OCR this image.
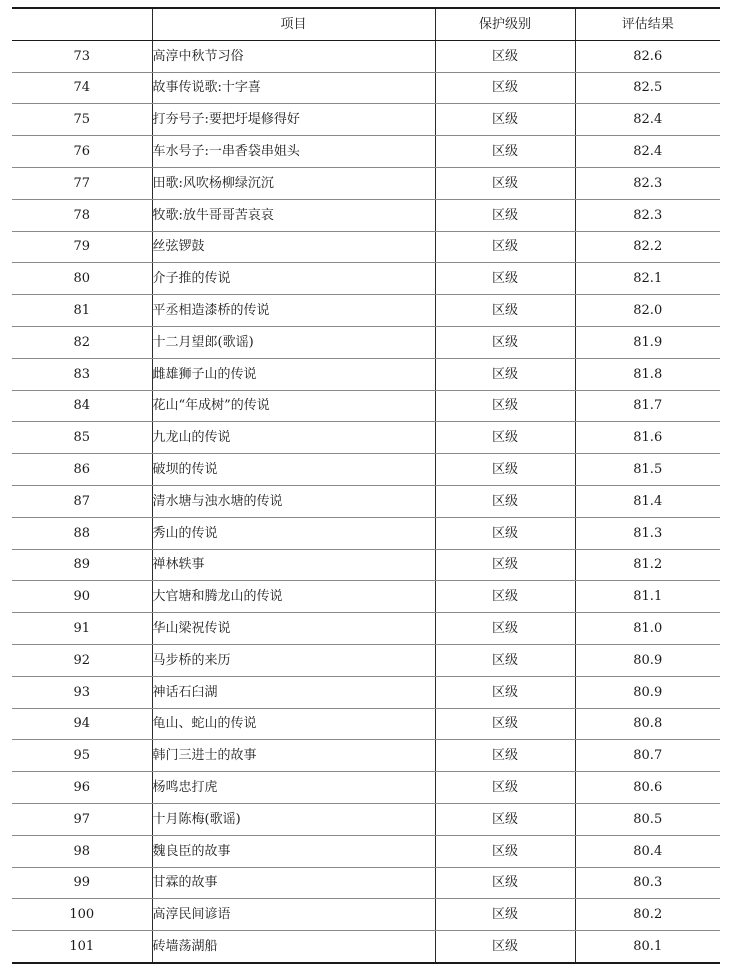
	项目	保护级别	评估结果
73	高淳中秋节习俗	区级	82.6
74	故事传说歌:十字喜	区级	82.5
75	打夯号子:要把圩堤修得好	区级	82.4
76	车水号子:一串香袋串姐头	区级	82.4
77	田歌:风吹杨柳绿沉沉	区级	82.3
78	牧歌:放牛哥哥苦哀哀	区级	82.3
79	丝弦锣鼓	区级	82.2
80	介子推的传说	区级	82.1
81	平丞相造漆桥的传说	区级	82.0
82	十二月望郎(歌谣)	区级	81.9
83	雌雄狮子山的传说	区级	81.8
84	花山“年成树”的传说	区级	81.7
85	九龙山的传说	区级	81.6
86	破坝的传说	区级	81.5
87	清水塘与浊水塘的传说	区级	81.4
88	秀山的传说	区级	81.3
89	禅林轶事	区级	81.2
90	大官塘和腾龙山的传说	区级	81.1
91	华山梁祝传说	区级	81.0
92	马步桥的来历	区级	80.9
93	神话石臼湖	区级	80.9
94	龟山、蛇山的传说	区级	80.8
95	韩门三进士的故事	区级	80.7
96	杨鸣忠打虎	区级	80.6
97	十月陈梅(歌谣)	区级	80.5
98	魏良臣的故事	区级	80.4
99	甘霖的故事	区级	80.3
100	高淳民间谚语	区级	80.2
101	砖墙荡湖船	区级	80.1
